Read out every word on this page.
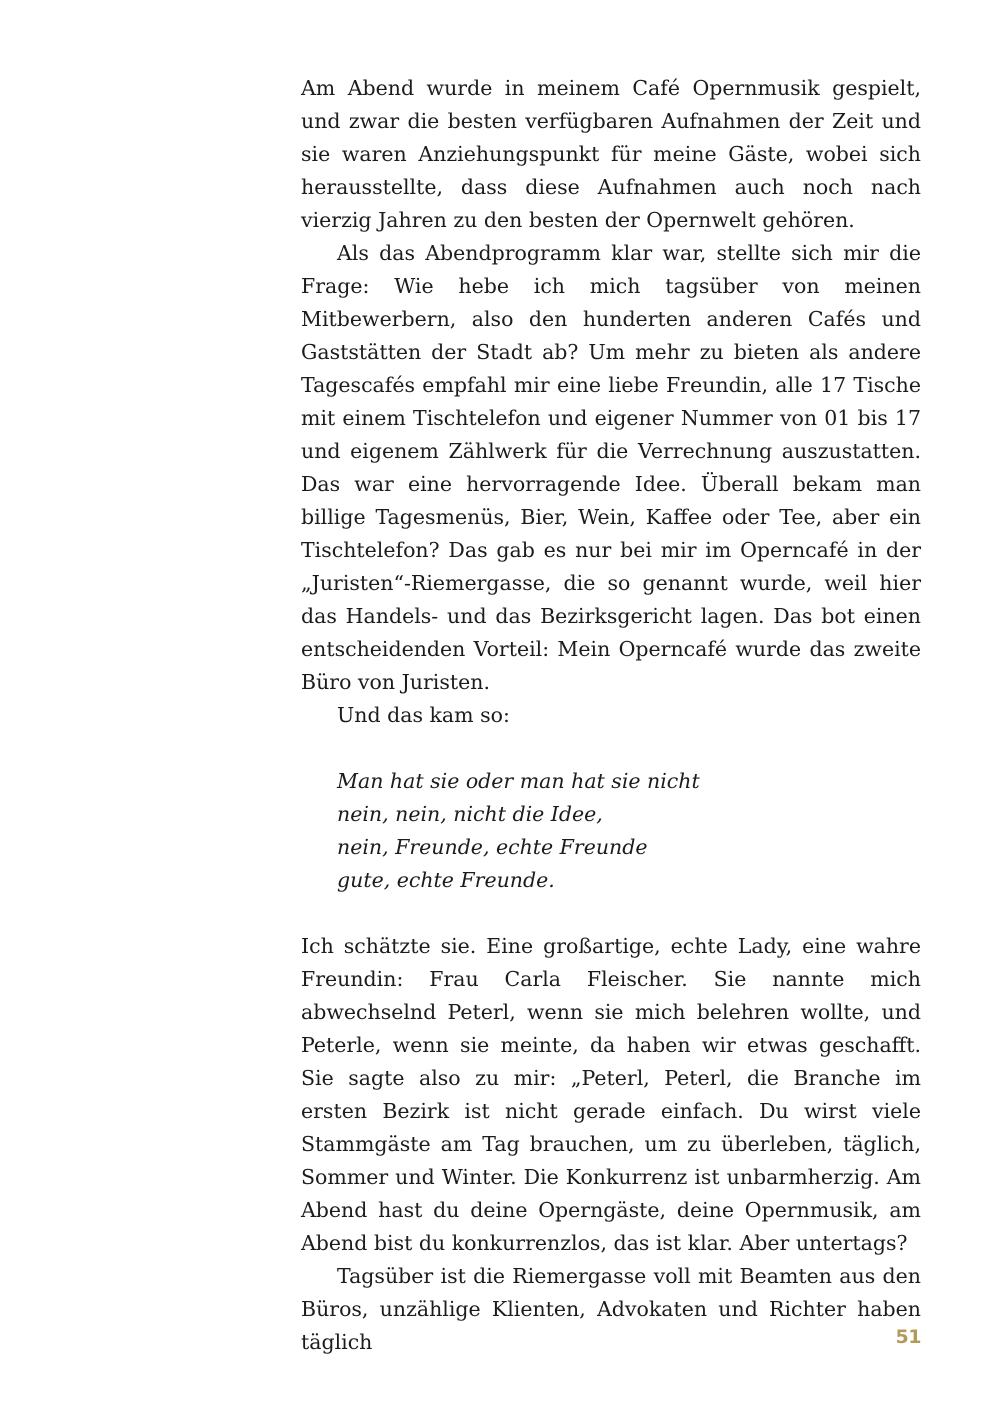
Am Abend wurde in meinem Café Opernmusik gespielt, und zwar die besten verfügbaren Aufnahmen der Zeit und sie waren Anziehungspunkt für meine Gäste, wobei sich herausstellte, dass diese Aufnahmen auch noch nach vierzig Jahren zu den besten der Opernwelt gehören.

Als das Abendprogramm klar war, stellte sich mir die Frage: Wie hebe ich mich tagsüber von meinen Mitbewerbern, also den hunderten anderen Cafés und Gaststätten der Stadt ab? Um mehr zu bieten als andere Tagescafés empfahl mir eine liebe Freundin, alle 17 Tische mit einem Tischtelefon und eigener Nummer von 01 bis 17 und eigenem Zählwerk für die Verrechnung auszustatten. Das war eine hervorragende Idee. Überall bekam man billige Tagesmenüs, Bier, Wein, Kaffee oder Tee, aber ein Tischtelefon? Das gab es nur bei mir im Operncafé in der „Juristen“-Riemergasse, die so genannt wurde, weil hier das Handels- und das Bezirksgericht lagen. Das bot einen entscheidenden Vorteil: Mein Operncafé wurde das zweite Büro von Juristen.

Und das kam so:

Man hat sie oder man hat sie nicht
nein, nein, nicht die Idee,
nein, Freunde, echte Freunde
gute, echte Freunde.

Ich schätzte sie. Eine großartige, echte Lady, eine wahre Freundin: Frau Carla Fleischer. Sie nannte mich abwechselnd Peterl, wenn sie mich belehren wollte, und Peterle, wenn sie meinte, da haben wir etwas geschafft. Sie sagte also zu mir: „Peterl, Peterl, die Branche im ersten Bezirk ist nicht gerade einfach. Du wirst viele Stammgäste am Tag brauchen, um zu überleben, täglich, Sommer und Winter. Die Konkurrenz ist unbarmherzig. Am Abend hast du deine Operngäste, deine Opernmusik, am Abend bist du konkurrenzlos, das ist klar. Aber untertags?

Tagsüber ist die Riemergasse voll mit Beamten aus den Büros, unzählige Klienten, Advokaten und Richter haben täglich	51
